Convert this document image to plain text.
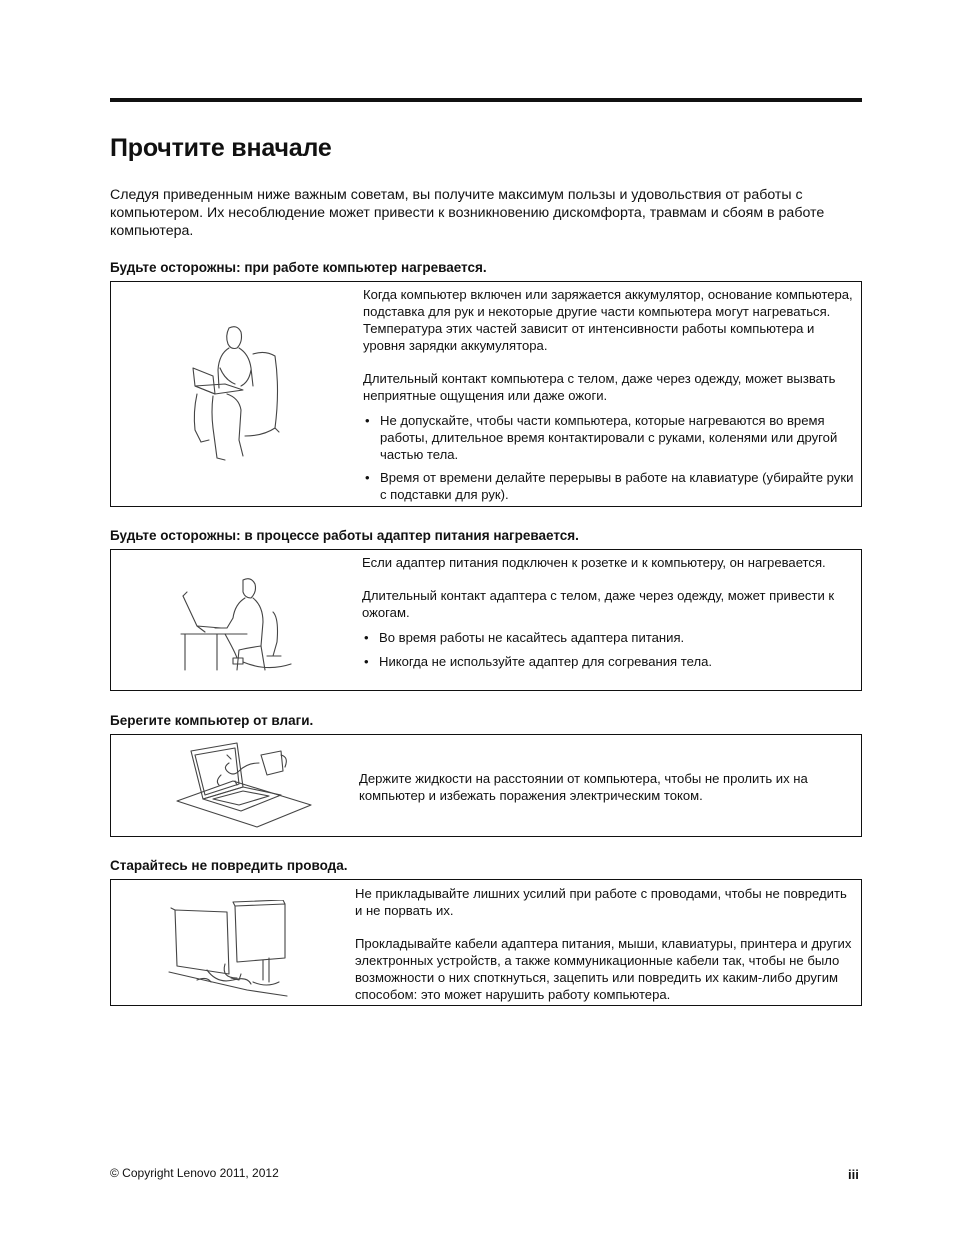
Прочтите вначале

Следуя приведенным ниже важным советам, вы получите максимум пользы и удовольствия от работы с компьютером. Их несоблюдение может привести к возникновению дискомфорта, травмам и сбоям в работе компьютера.

Будьте осторожны: при работе компьютер нагревается.

Когда компьютер включен или заряжается аккумулятор, основание компьютера, подставка для рук и некоторые другие части компьютера могут нагреваться. Температура этих частей зависит от интенсивности работы компьютера и уровня зарядки аккумулятора.

Длительный контакт компьютера с телом, даже через одежду, может вызвать неприятные ощущения или даже ожоги.

• Не допускайте, чтобы части компьютера, которые нагреваются во время работы, длительное время контактировали с руками, коленями или другой частью тела.
• Время от времени делайте перерывы в работе на клавиатуре (убирайте руки с подставки для рук).
Будьте осторожны: в процессе работы адаптер питания нагревается.

Если адаптер питания подключен к розетке и к компьютеру, он нагревается.

Длительный контакт адаптера с телом, даже через одежду, может привести к ожогам.

• Во время работы не касайтесь адаптера питания.
• Никогда не используйте адаптер для согревания тела.
Берегите компьютер от влаги.

Держите жидкости на расстоянии от компьютера, чтобы не пролить их на компьютер и избежать поражения электрическим током.

Старайтесь не повредить провода.

Не прикладывайте лишних усилий при работе с проводами, чтобы не повредить и не порвать их.

Прокладывайте кабели адаптера питания, мыши, клавиатуры, принтера и других электронных устройств, а также коммуникационные кабели так, чтобы не было возможности о них споткнуться, зацепить или повредить их каким-либо другим способом: это может нарушить работу компьютера.

© Copyright Lenovo 2011, 2012	iii
